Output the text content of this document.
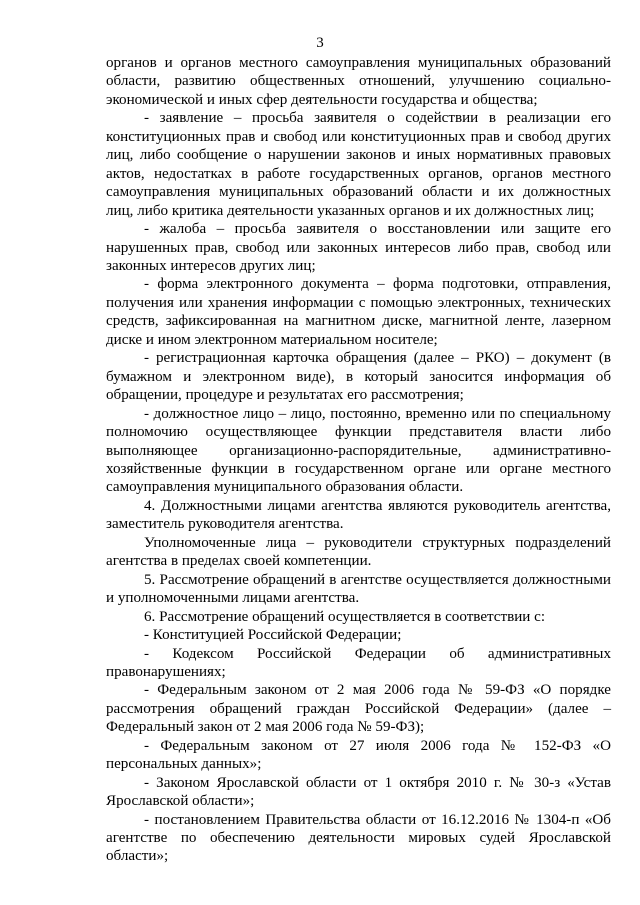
3

органов и органов местного самоуправления муниципальных образований области, развитию общественных отношений, улучшению социально-экономической и иных сфер деятельности государства и общества;

- заявление – просьба заявителя о содействии в реализации его конституционных прав и свобод или конституционных прав и свобод других лиц, либо сообщение о нарушении законов и иных нормативных правовых актов, недостатках в работе государственных органов, органов местного самоуправления муниципальных образований области и их должностных лиц, либо критика деятельности указанных органов и их должностных лиц;

- жалоба – просьба заявителя о восстановлении или защите его нарушенных прав, свобод или законных интересов либо прав, свобод или законных интересов других лиц;

- форма электронного документа – форма подготовки, отправления, получения или хранения информации с помощью электронных, технических средств, зафиксированная на магнитном диске, магнитной ленте, лазерном диске и ином электронном материальном носителе;

- регистрационная карточка обращения (далее – РКО) – документ (в бумажном и электронном виде), в который заносится информация об обращении, процедуре и результатах его рассмотрения;

- должностное лицо – лицо, постоянно, временно или по специальному полномочию осуществляющее функции представителя власти либо выполняющее организационно-распорядительные, административно-хозяйственные функции в государственном органе или органе местного самоуправления муниципального образования области.

4. Должностными лицами агентства являются руководитель агентства, заместитель руководителя агентства.

Уполномоченные лица – руководители структурных подразделений агентства в пределах своей компетенции.

5. Рассмотрение обращений в агентстве осуществляется должностными и уполномоченными лицами агентства.

6. Рассмотрение обращений осуществляется в соответствии с:

- Конституцией Российской Федерации;

- Кодексом Российской Федерации об административных правонарушениях;

- Федеральным законом от 2 мая 2006 года № 59-ФЗ «О порядке рассмотрения обращений граждан Российской Федерации» (далее – Федеральный закон от 2 мая 2006 года № 59-ФЗ);

- Федеральным законом от 27 июля 2006 года № 152-ФЗ «О персональных данных»;

- Законом Ярославской области от 1 октября 2010 г. № 30-з «Устав Ярославской области»;

- постановлением Правительства области от 16.12.2016 № 1304-п «Об агентстве по обеспечению деятельности мировых судей Ярославской области»;
